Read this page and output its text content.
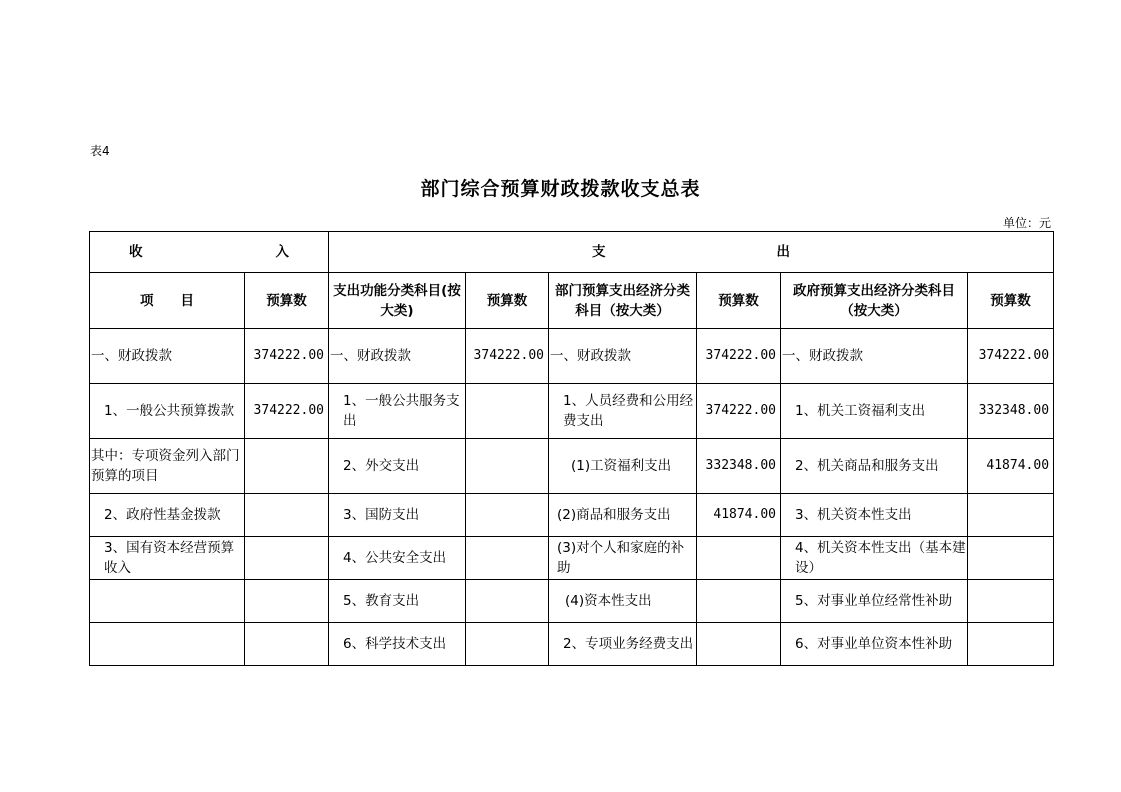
表4
部门综合预算财政拨款收支总表
单位：元
收 入		支 出					

项　　目	预算数	支出功能分类科目(按大类)	预算数	部门预算支出经济分类科目（按大类）	预算数	政府预算支出经济分类科目（按大类）	预算数
一、财政拨款	374222.00	一、财政拨款	374222.00	一、财政拨款	374222.00	一、财政拨款	374222.00
1、一般公共预算拨款	374222.00	1、一般公共服务支出		1、人员经费和公用经费支出	374222.00	1、机关工资福利支出	332348.00
其中：专项资金列入部门预算的项目		2、外交支出		(1)工资福利支出	332348.00	2、机关商品和服务支出	41874.00
2、政府性基金拨款		3、国防支出		(2)商品和服务支出	41874.00	3、机关资本性支出	
3、国有资本经营预算收入		4、公共安全支出		(3)对个人和家庭的补助		4、机关资本性支出（基本建设）	
		5、教育支出		(4)资本性支出		5、对事业单位经常性补助	
		6、科学技术支出		2、专项业务经费支出		6、对事业单位资本性补助	
